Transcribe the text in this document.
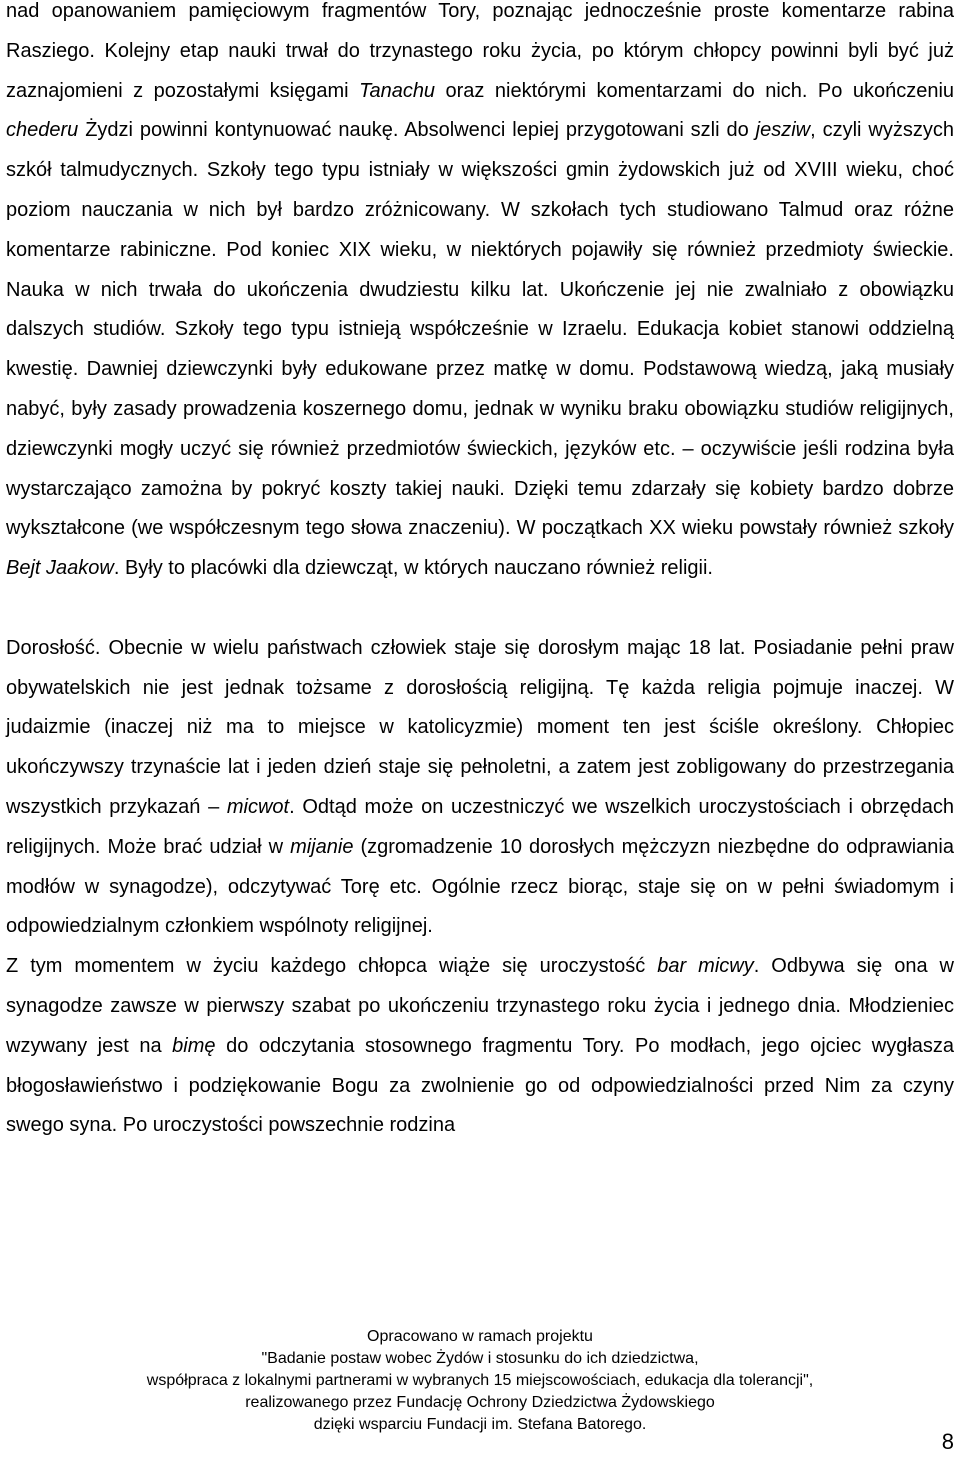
nad opanowaniem pamięciowym fragmentów Tory, poznając jednocześnie proste komentarze rabina Rasziego. Kolejny etap nauki trwał do trzynastego roku życia, po którym chłopcy powinni byli być już zaznajomieni z pozostałymi księgami Tanachu oraz niektórymi komentarzami do nich. Po ukończeniu chederu Żydzi powinni kontynuować naukę. Absolwenci lepiej przygotowani szli do jesziw, czyli wyższych szkół talmudycznych. Szkoły tego typu istniały w większości gmin żydowskich już od XVIII wieku, choć poziom nauczania w nich był bardzo zróżnicowany. W szkołach tych studiowano Talmud oraz różne komentarze rabiniczne. Pod koniec XIX wieku, w niektórych pojawiły się również przedmioty świeckie. Nauka w nich trwała do ukończenia dwudziestu kilku lat. Ukończenie jej nie zwalniało z obowiązku dalszych studiów. Szkoły tego typu istnieją współcześnie w Izraelu. Edukacja kobiet stanowi oddzielną kwestię. Dawniej dziewczynki były edukowane przez matkę w domu. Podstawową wiedzą, jaką musiały nabyć, były zasady prowadzenia koszernego domu, jednak w wyniku braku obowiązku studiów religijnych, dziewczynki mogły uczyć się również przedmiotów świeckich, języków etc. – oczywiście jeśli rodzina była wystarczająco zamożna by pokryć koszty takiej nauki. Dzięki temu zdarzały się kobiety bardzo dobrze wykształcone (we współczesnym tego słowa znaczeniu). W początkach XX wieku powstały również szkoły Bejt Jaakow. Były to placówki dla dziewcząt, w których nauczano również religii.

Dorosłość. Obecnie w wielu państwach człowiek staje się dorosłym mając 18 lat. Posiadanie pełni praw obywatelskich nie jest jednak tożsame z dorosłością religijną. Tę każda religia pojmuje inaczej. W judaizmie (inaczej niż ma to miejsce w katolicyzmie) moment ten jest ściśle określony. Chłopiec ukończywszy trzynaście lat i jeden dzień staje się pełnoletni, a zatem jest zobligowany do przestrzegania wszystkich przykazań – micwot. Odtąd może on uczestniczyć we wszelkich uroczystościach i obrzędach religijnych. Może brać udział w mijanie (zgromadzenie 10 dorosłych mężczyzn niezbędne do odprawiania modłów w synagodze), odczytywać Torę etc. Ogólnie rzecz biorąc, staje się on w pełni świadomym i odpowiedzialnym członkiem wspólnoty religijnej.

Z tym momentem w życiu każdego chłopca wiąże się uroczystość bar micwy. Odbywa się ona w synagodze zawsze w pierwszy szabat po ukończeniu trzynastego roku życia i jednego dnia. Młodzieniec wzywany jest na bimę do odczytania stosownego fragmentu Tory. Po modłach, jego ojciec wygłasza błogosławieństwo i podziękowanie Bogu za zwolnienie go od odpowiedzialności przed Nim za czyny swego syna. Po uroczystości powszechnie rodzina

Opracowano w ramach projektu
"Badanie postaw wobec Żydów i stosunku do ich dziedzictwa,
współpraca z lokalnymi partnerami w wybranych 15 miejscowościach, edukacja dla tolerancji",
realizowanego przez Fundację Ochrony Dziedzictwa Żydowskiego
dzięki wsparciu Fundacji im. Stefana Batorego.
8
